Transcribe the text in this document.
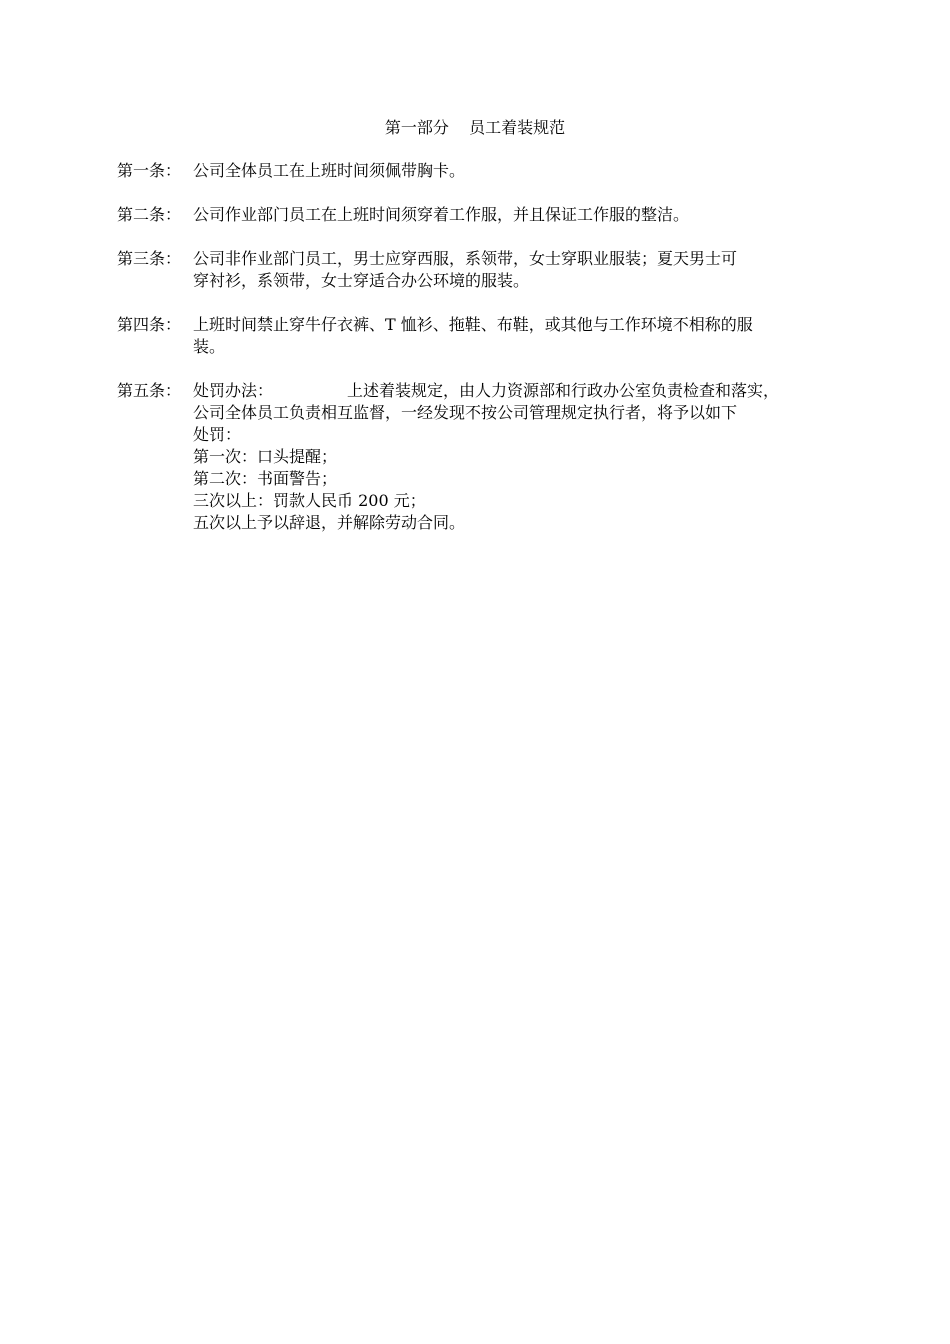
第一部分    员工着装规范
第一条： 公司全体员工在上班时间须佩带胸卡。
第二条： 公司作业部门员工在上班时间须穿着工作服，并且保证工作服的整洁。
第三条： 公司非作业部门员工，男士应穿西服，系领带，女士穿职业服装；夏天男士可
穿衬衫，系领带，女士穿适合办公环境的服装。
第四条： 上班时间禁止穿牛仔衣裤、T 恤衫、拖鞋、布鞋，或其他与工作环境不相称的服
装。
第五条： 处罚办法：	上述着装规定，由人力资源部和行政办公室负责检查和落实，
公司全体员工负责相互监督，一经发现不按公司管理规定执行者，将予以如下
处罚：
第一次：口头提醒；
第二次：书面警告；
三次以上：罚款人民币 200 元；
五次以上予以辞退，并解除劳动合同。
